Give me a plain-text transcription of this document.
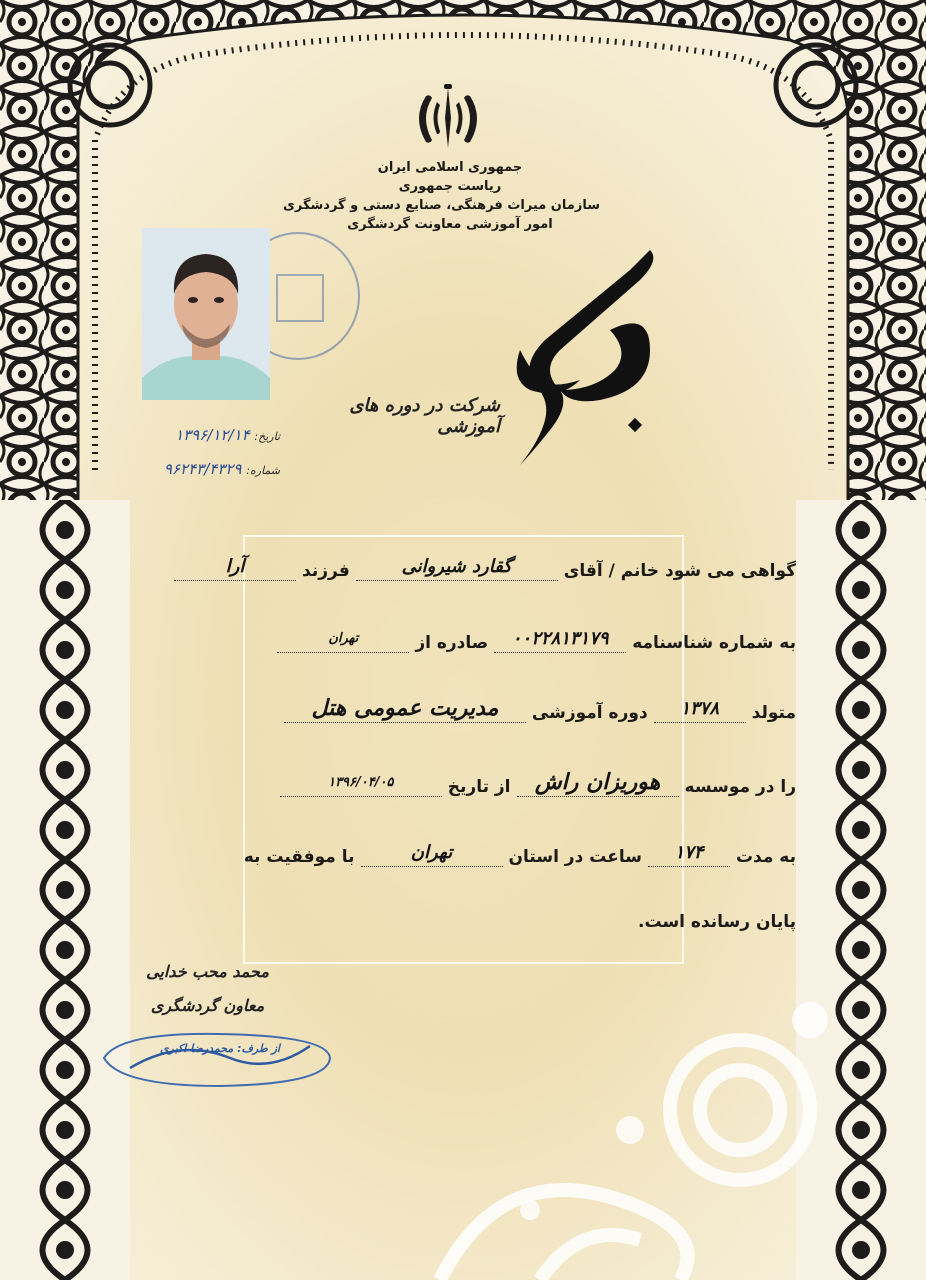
جمهوری اسلامی ایران
ریاست جمهوری
سازمان میراث فرهنگی، صنایع دستی و گردشگری
امور آموزشی معاونت گردشگری
شرکت در دوره های آموزشی
تاریخ: ۱۳۹۶/۱۲/۱۴
شماره: ۹۶۲۴۳/۴۳۲۹
گواهی می شود خانم / آقای
گقارد شیروانی
فرزند
آرا
به شماره شناسنامه
۰۰۲۲۸۱۳۱۷۹
صادره از
تهران
متولد
۱۳۷۸
دوره آموزشی
مدیریت عمومی هتل
را در موسسه
هوریزان راش
از تاریخ
۱۳۹۶/۰۴/۰۵
به مدت
۱۷۴
ساعت در استان
تهران
با موفقیت به
پایان رسانده است.
محمد محب خدایی
معاون گردشگری
از طرف: محمدرضا اکبری
